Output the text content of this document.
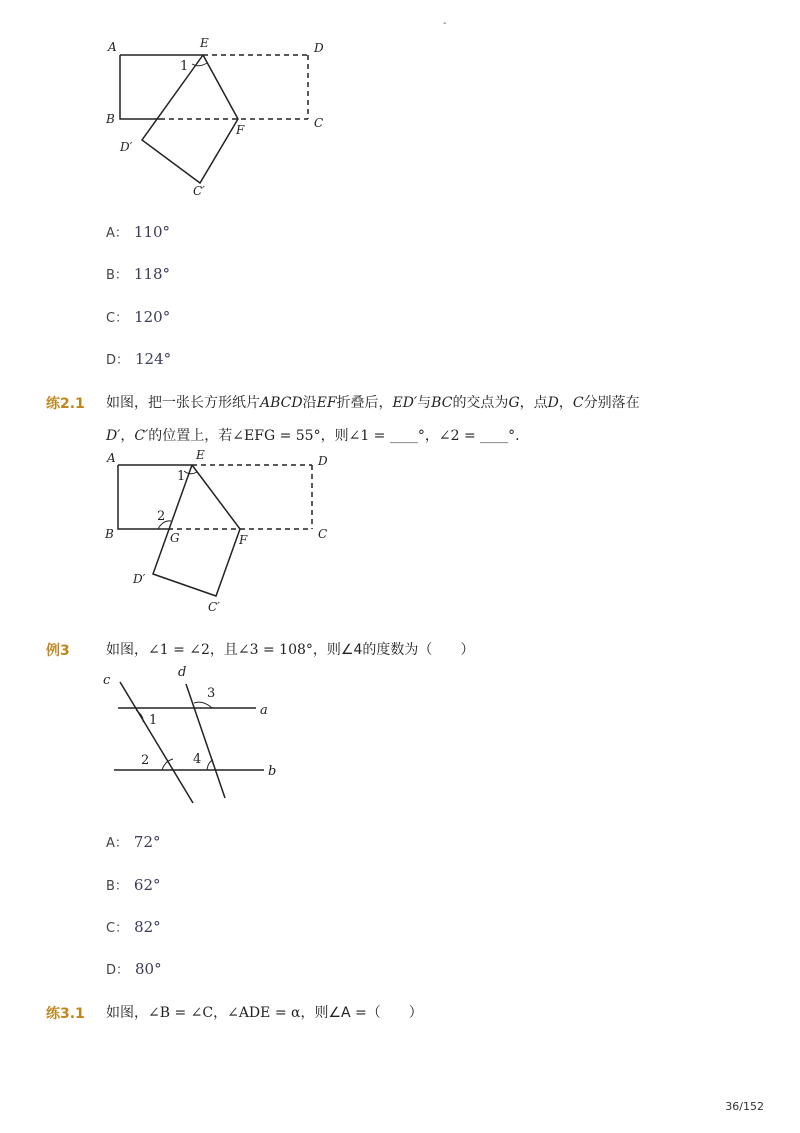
-
A	E	D
B
F	C
D′
C′
1
A： 110°
B： 118°
C： 120°
D： 124°
练2.1 如图，把一张长方形纸片ABCD沿EF折叠后，ED′与BC的交点为G，点D，C分别落在
D′，C′的位置上，若∠EFG = 55°，则∠1 = ____°，∠2 = ____°.
A	E	D
B	G	F	C
D′
C′
1
2
例3	如图，∠1 = ∠2，且∠3 = 108°，则∠4的度数为（　　）
c
d
a
b
1
2
3
4
A： 72°
B： 62°
C： 82°
D： 80°
练3.1 如图，∠B = ∠C，∠ADE = α，则∠A =（　　）
36/152
